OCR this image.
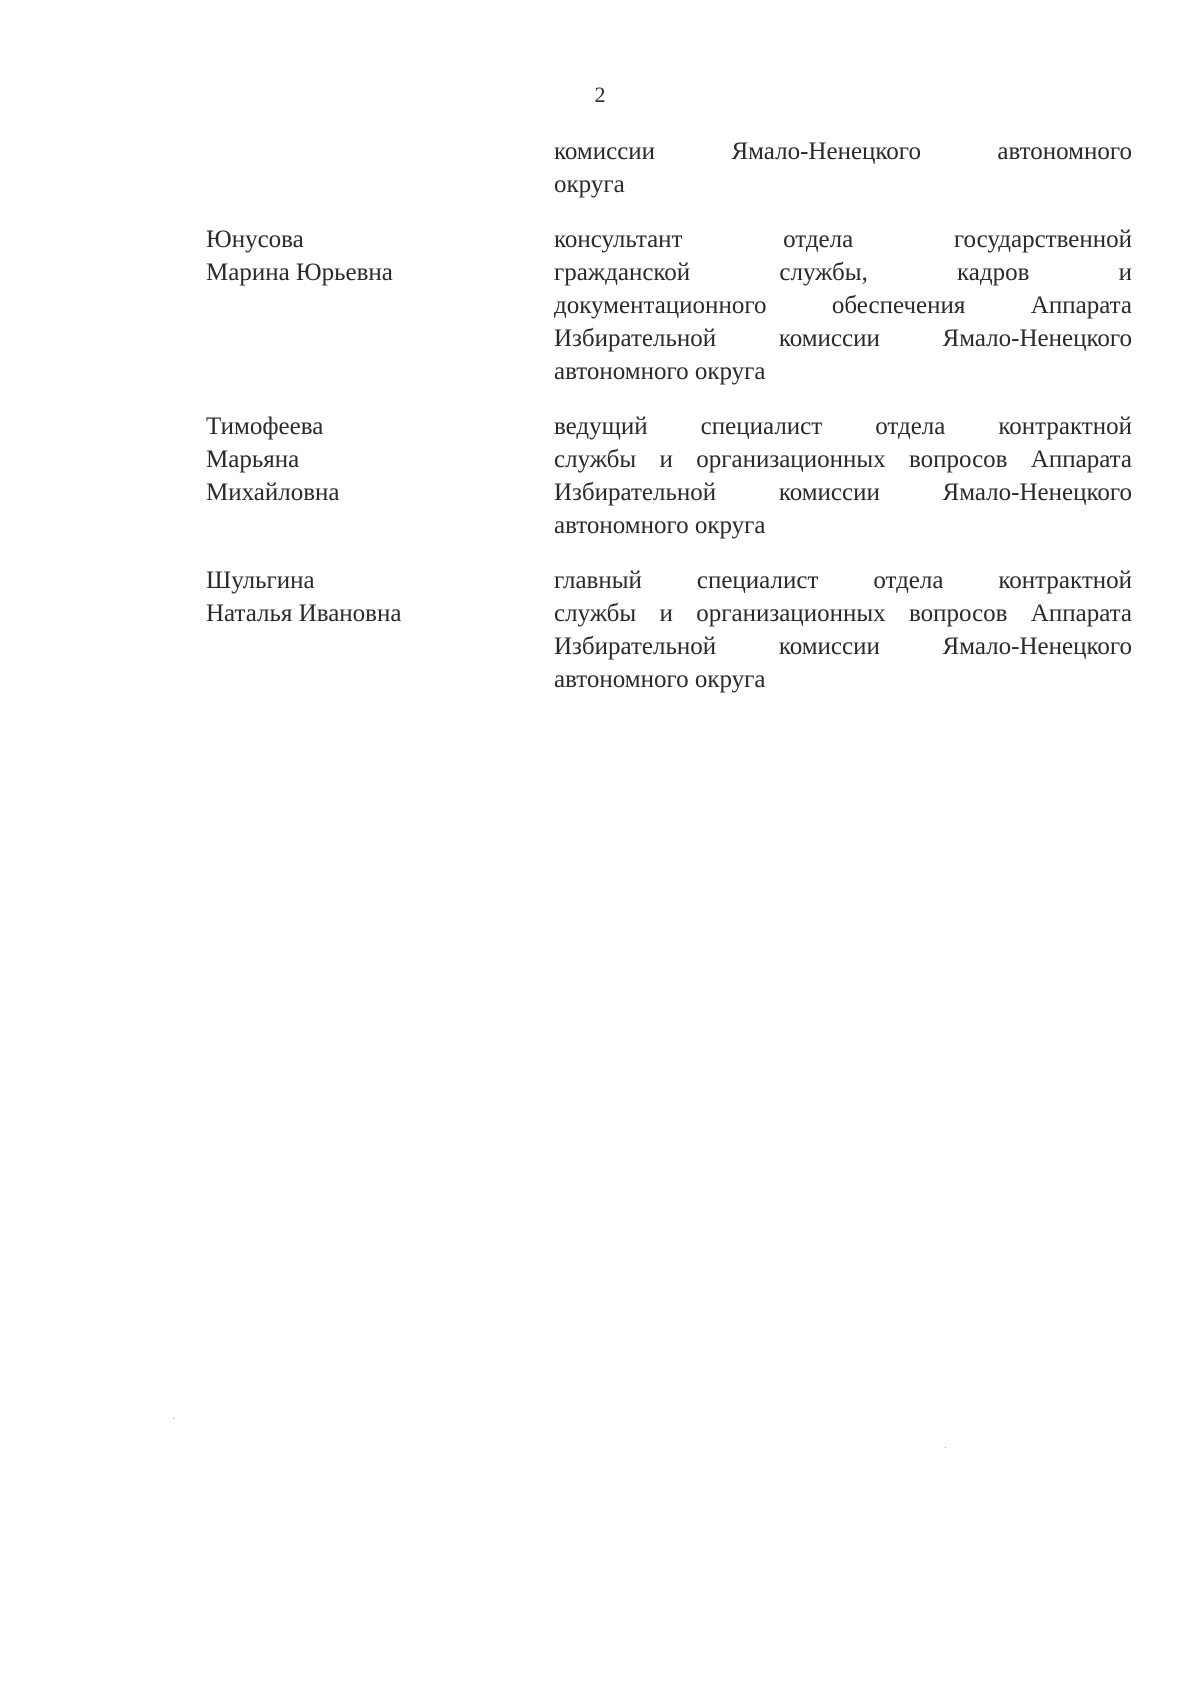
2
комиссии Ямало-Ненецкого автономного
округа
Юнусова
Марина Юрьевна
консультант отдела государственной
гражданской службы, кадров и
документационного обеспечения Аппарата
Избирательной комиссии Ямало-Ненецкого
автономного округа
Тимофеева
Марьяна
Михайловна
ведущий специалист отдела контрактной
службы и организационных вопросов Аппарата
Избирательной комиссии Ямало-Ненецкого
автономного округа
Шульгина
Наталья Ивановна
главный специалист отдела контрактной
службы и организационных вопросов Аппарата
Избирательной комиссии Ямало-Ненецкого
автономного округа
